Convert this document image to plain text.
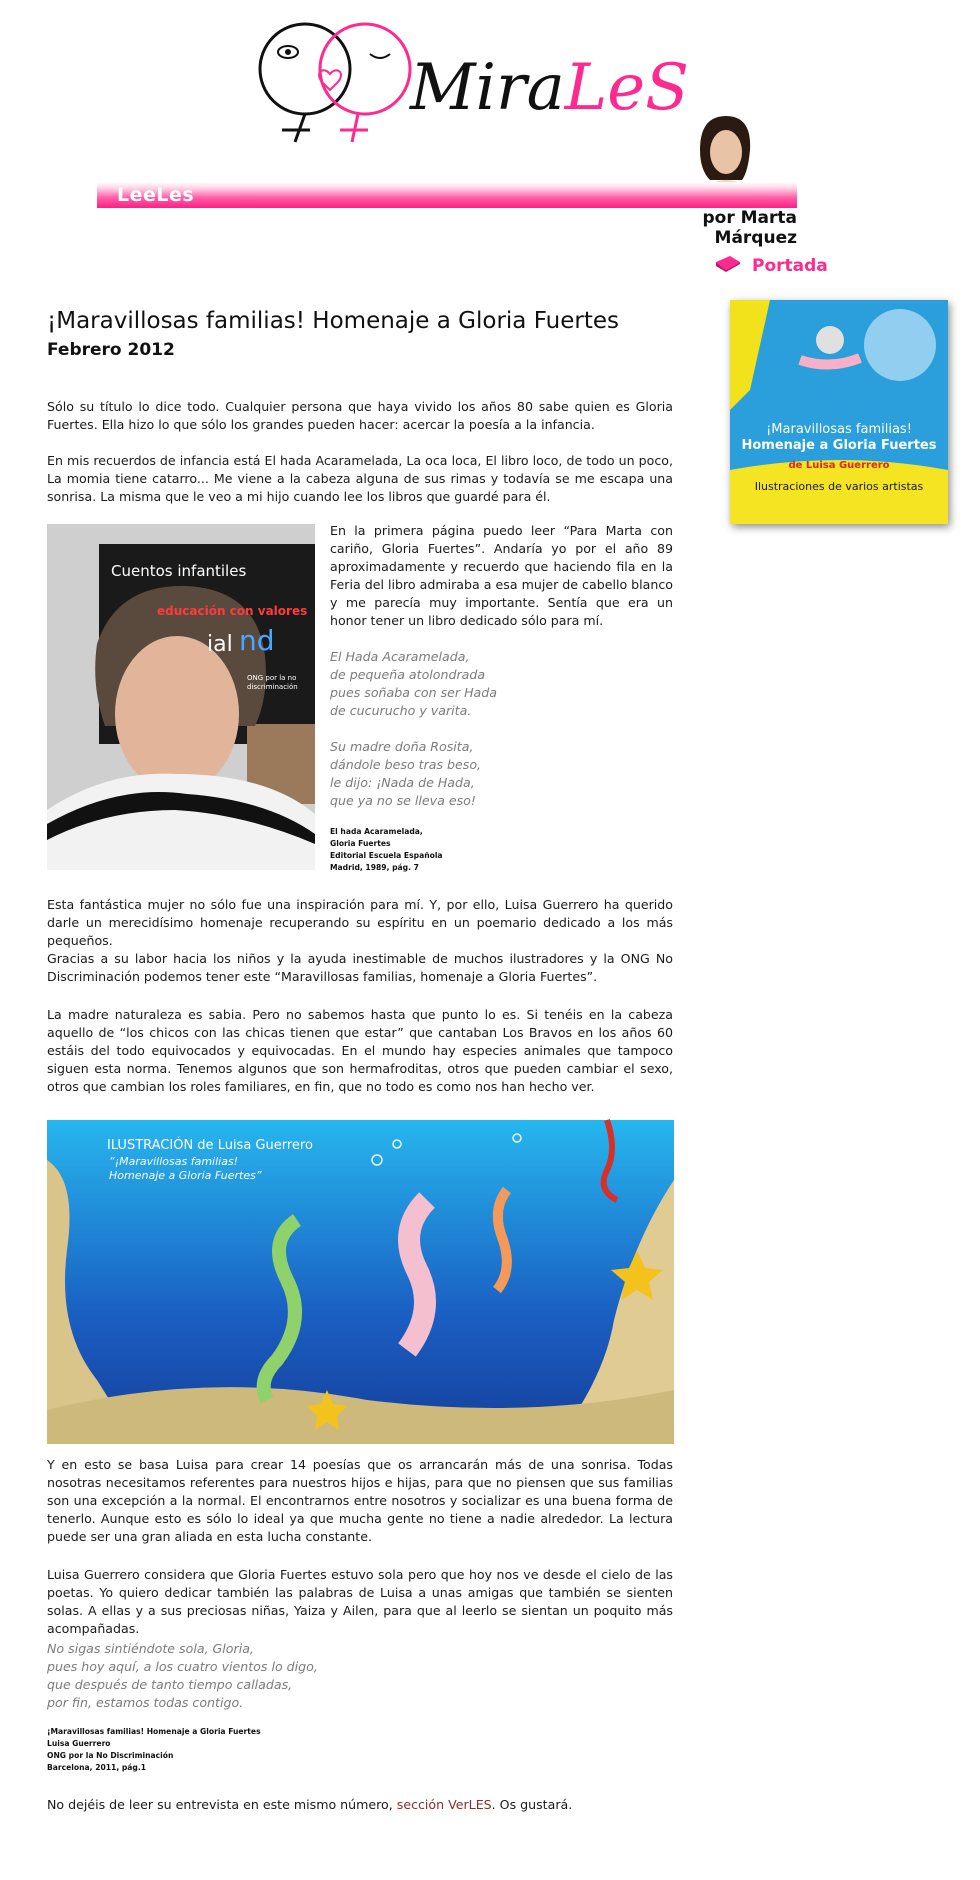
MiraLeS
LeeLes
por Marta Márquez
Portada
¡Maravillosas familias!
Homenaje a Gloria Fuertes
de Luisa Guerrero
Ilustraciones de varios artistas
¡Maravillosas familias! Homenaje a Gloria Fuertes
Febrero 2012

Sólo su título lo dice todo. Cualquier persona que haya vivido los años 80 sabe quien es Gloria Fuertes. Ella hizo lo que sólo los grandes pueden hacer: acercar la poesía a la infancia.

En mis recuerdos de infancia está El hada Acaramelada, La oca loca, El libro loco, de todo un poco, La momia tiene catarro... Me viene a la cabeza alguna de sus rimas y todavía se me escapa una sonrisa. La misma que le veo a mi hijo cuando lee los libros que guardé para él.

Cuentos infantiles
educación con valores
ial nd
ONG por la no discriminación

En la primera página puedo leer “Para Marta con cariño, Gloria Fuertes”. Andaría yo por el año 89 aproximadamente y recuerdo que haciendo fila en la Feria del libro admiraba a esa mujer de cabello blanco y me parecía muy importante. Sentía que era un honor tener un libro dedicado sólo para mí.

El Hada Acaramelada,
de pequeña atolondrada
pues soñaba con ser Hada
de cucurucho y varita.
Su madre doña Rosita,
dándole beso tras beso,
le dijo: ¡Nada de Hada,
que ya no se lleva eso!
El hada Acaramelada,
Gloria Fuertes
Editorial Escuela Española
Madrid, 1989, pág. 7

Esta fantástica mujer no sólo fue una inspiración para mí. Y, por ello, Luisa Guerrero ha querido darle un merecidísimo homenaje recuperando su espíritu en un poemario dedicado a los más pequeños.

Gracias a su labor hacia los niños y la ayuda inestimable de muchos ilustradores y la ONG No Discriminación podemos tener este “Maravillosas familias, homenaje a Gloria Fuertes”.

La madre naturaleza es sabia. Pero no sabemos hasta que punto lo es. Si tenéis en la cabeza aquello de “los chicos con las chicas tienen que estar” que cantaban Los Bravos en los años 60 estáis del todo equivocados y equivocadas. En el mundo hay especies animales que tampoco siguen esta norma. Tenemos algunos que son hermafroditas, otros que pueden cambiar el sexo, otros que cambian los roles familiares, en fin, que no todo es como nos han hecho ver.

ILUSTRACIÓN de Luisa Guerrero
“¡Maravillosas familias!
Homenaje a Gloria Fuertes”

Y en esto se basa Luisa para crear 14 poesías que os arrancarán más de una sonrisa. Todas nosotras necesitamos referentes para nuestros hijos e hijas, para que no piensen que sus familias son una excepción a la normal. El encontrarnos entre nosotros y socializar es una buena forma de tenerlo. Aunque esto es sólo lo ideal ya que mucha gente no tiene a nadie alrededor. La lectura puede ser una gran aliada en esta lucha constante.

Luisa Guerrero considera que Gloria Fuertes estuvo sola pero que hoy nos ve desde el cielo de las poetas. Yo quiero dedicar también las palabras de Luisa a unas amigas que también se sienten solas. A ellas y a sus preciosas niñas, Yaiza y Ailen, para que al leerlo se sientan un poquito más acompañadas.

No sigas sintiéndote sola, Gloria,
pues hoy aquí, a los cuatro vientos lo digo,
que después de tanto tiempo calladas,
por fin, estamos todas contigo.
¡Maravillosas familias! Homenaje a Gloria Fuertes
Luisa Guerrero
ONG por la No Discriminación
Barcelona, 2011, pág.1

No dejéis de leer su entrevista en este mismo número, sección VerLES. Os gustará.
